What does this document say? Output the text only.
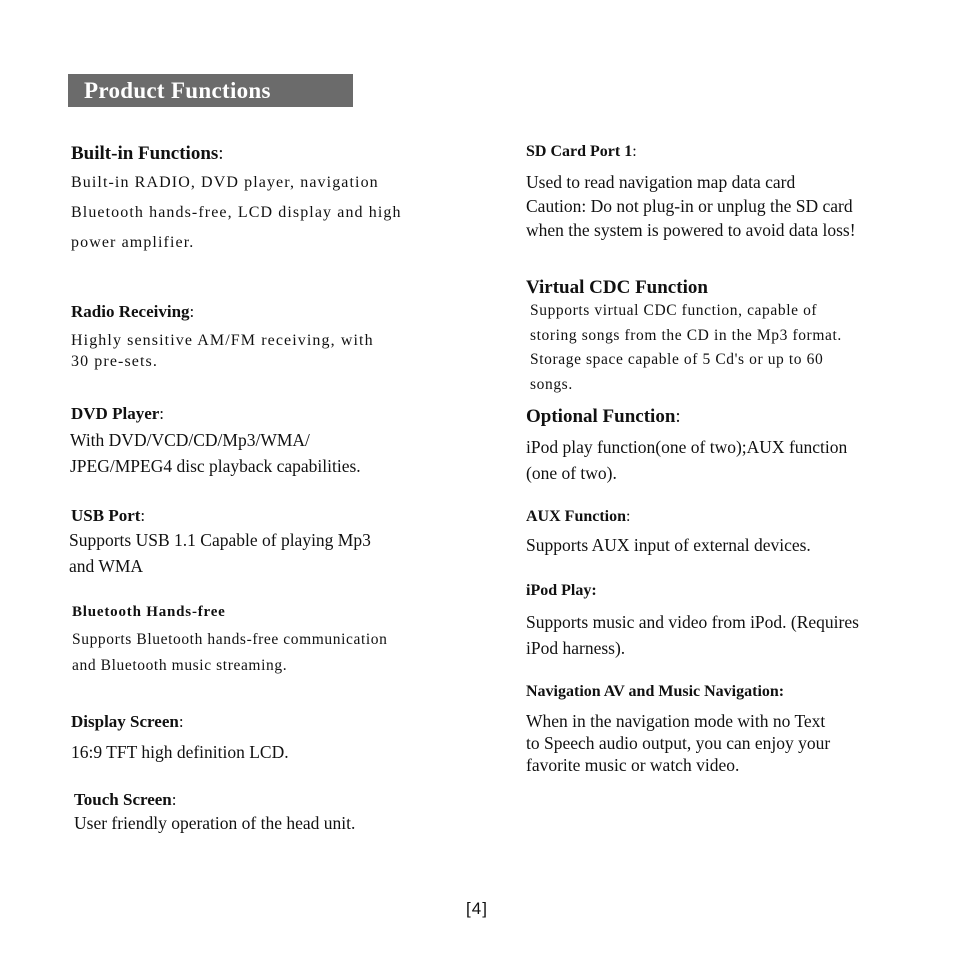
Product Functions

Built-in Functions:

Built-in RADIO, DVD player, navigation
Bluetooth hands-free, LCD display and high
power amplifier.

Radio Receiving:

Highly sensitive AM/FM receiving, with
30 pre-sets.

DVD Player:

With DVD/VCD/CD/Mp3/WMA/
JPEG/MPEG4 disc playback capabilities.

USB Port:

Supports USB 1.1 Capable of playing Mp3
and WMA

Bluetooth Hands-free

Supports Bluetooth hands-free communication
and Bluetooth music streaming.

Display Screen:

16:9 TFT high definition LCD.

Touch Screen:

User friendly operation of the head unit.

SD Card Port 1:

Used to read navigation map data card
Caution: Do not plug-in or unplug the SD card
when the system is powered to avoid data loss!

Virtual CDC Function

Supports virtual CDC function, capable of
storing songs from the CD in the Mp3 format.
Storage space capable of 5 Cd's or up to 60
songs.

Optional Function:

iPod play function(one of two);AUX function
(one of two).

AUX Function:

Supports AUX input of external devices.

iPod Play:

Supports music and video from iPod. (Requires
iPod harness).

Navigation AV and Music Navigation:

When in the navigation mode with no Text
to Speech audio output, you can enjoy your
favorite music or watch video.

[4]
